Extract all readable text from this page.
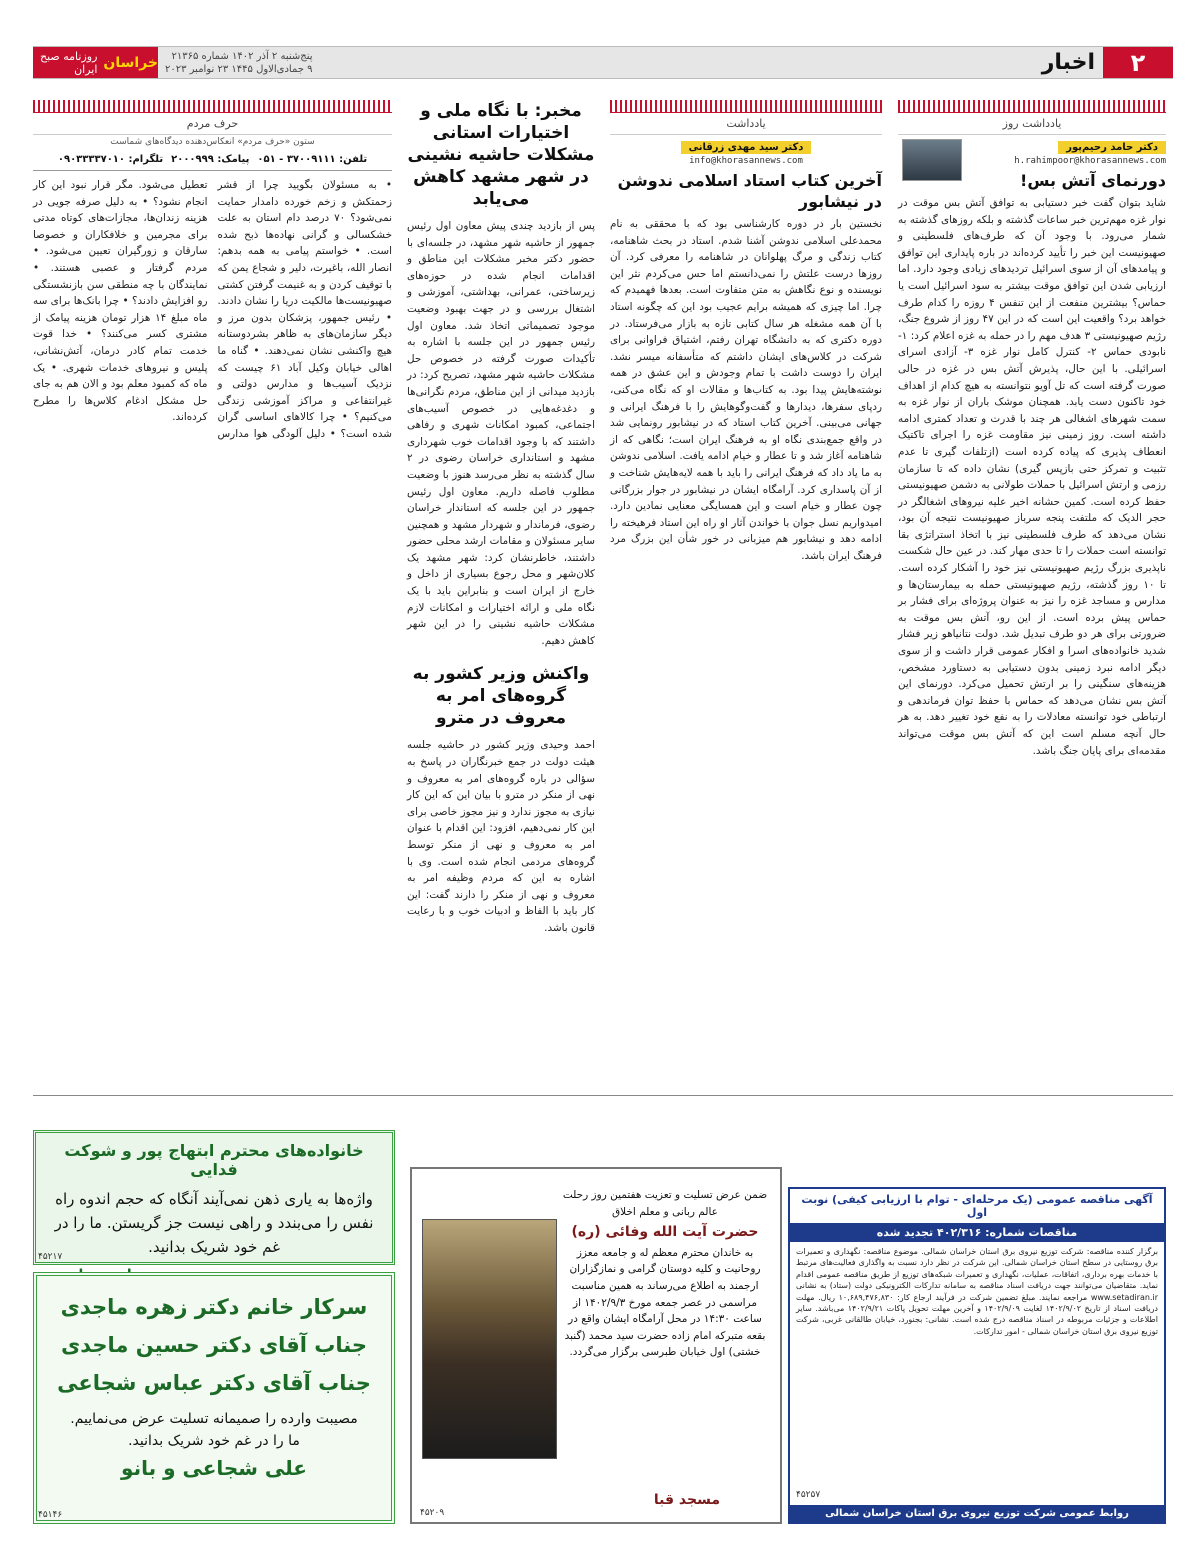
۲
اخبار
خراسان
روزنامه صبح ایران
پنج‌شنبه ۲ آذر ۱۴۰۲ شماره ۲۱۳۶۵
۹ جمادی‌الاول ۱۴۴۵ ۲۳ نوامبر ۲۰۲۳
یادداشت روز
دکتر حامد رحیم‌پور
h.rahimpoor@khorasannews.com
دورنمای آتش بس!

شاید بتوان گفت خبر دستیابی به توافق آتش بس موقت در نوار غزه مهم‌ترین خبر ساعات گذشته و بلکه روزهای گذشته به شمار می‌رود. با وجود آن که طرف‌های فلسطینی و صهیونیست این خبر را تأیید کرده‌اند در باره پایداری این توافق و پیامدهای آن از سوی اسرائیل تردیدهای زیادی وجود دارد. اما ارزیابی شدن این توافق موقت بیشتر به سود اسرائیل است یا حماس؟ بیشترین منفعت از این تنفس ۴ روزه را کدام طرف خواهد برد؟ واقعیت این است که در این ۴۷ روز از شروع جنگ، رژیم صهیونیستی ۳ هدف مهم را در حمله به غزه اعلام کرد: ۱- نابودی حماس ۲- کنترل کامل نوار غزه ۳- آزادی اسرای اسرائیلی. با این حال، پذیرش آتش بس در غزه در حالی صورت گرفته است که تل آویو نتوانسته به هیچ کدام از اهداف خود تاکنون دست یابد. همچنان موشک باران از نوار غزه به سمت شهرهای اشغالی هر چند با قدرت و تعداد کمتری ادامه داشته است. روز زمینی نیز مقاومت غزه را اجرای تاکتیک انعطاف پذیری که پیاده کرده است (ازتلفات گیری تا عدم تثبیت و تمرکز حتی بازپس گیری) نشان داده که تا سازمان رزمی و ارتش اسرائیل با حملات طولانی به دشمن صهیونیستی حفظ کرده است. کمین حشانه اخیر علیه نیروهای اشغالگر در حجر الدیک که ملتفت پنجه سرباز صهیونیست نتیجه آن بود، نشان می‌دهد که طرف فلسطینی نیز با اتخاذ استراتژی بقا توانسته است حملات را تا حدی مهار کند. در عین حال شکست ناپذیری بزرگ رژیم صهیونیستی نیز خود را آشکار کرده است. تا ۱۰ روز گذشته، رژیم صهیونیستی حمله به بیمارستان‌ها و مدارس و مساجد غزه را نیز به عنوان پروژه‌ای برای فشار بر حماس پیش برده است. از این رو، آتش بس موقت به ضرورتی برای هر دو طرف تبدیل شد. دولت نتانیاهو زیر فشار شدید خانواده‌های اسرا و افکار عمومی قرار داشت و از سوی دیگر ادامه نبرد زمینی بدون دستیابی به دستاورد مشخص، هزینه‌های سنگینی را بر ارتش تحمیل می‌کرد. دورنمای این آتش بس نشان می‌دهد که حماس با حفظ توان فرماندهی و ارتباطی خود توانسته معادلات را به نفع خود تغییر دهد. به هر حال آنچه مسلم است این که آتش بس موقت می‌تواند مقدمه‌ای برای پایان جنگ باشد.

یادداشت
دکتر سید مهدی زرقانی
info@khorasannews.com
آخرین کتاب استاد اسلامی ندوشن در نیشابور

نخستین بار در دوره کارشناسی بود که با محققی به نام محمدعلی اسلامی ندوشن آشنا شدم. استاد در بحث شاهنامه، کتاب زندگی و مرگ پهلوانان در شاهنامه را معرفی کرد. آن روزها درست علتش را نمی‌دانستم اما حس می‌کردم نثر این نویسنده و نوع نگاهش به متن متفاوت است. بعدها فهمیدم که چرا. اما چیزی که همیشه برایم عجیب بود این که چگونه استاد با آن همه مشغله هر سال کتابی تازه به بازار می‌فرستاد. در دوره دکتری که به دانشگاه تهران رفتم، اشتیاق فراوانی برای شرکت در کلاس‌های ایشان داشتم که متأسفانه میسر نشد. ایران را دوست داشت با تمام وجودش و این عشق در همه نوشته‌هایش پیدا بود. به کتاب‌ها و مقالات او که نگاه می‌کنی، ردپای سفرها، دیدارها و گفت‌وگوهایش را با فرهنگ ایرانی و جهانی می‌بینی. آخرین کتاب استاد که در نیشابور رونمایی شد در واقع جمع‌بندی نگاه او به فرهنگ ایران است؛ نگاهی که از شاهنامه آغاز شد و تا عطار و خیام ادامه یافت. اسلامی ندوشن به ما یاد داد که فرهنگ ایرانی را باید با همه لایه‌هایش شناخت و از آن پاسداری کرد. آرامگاه ایشان در نیشابور در جوار بزرگانی چون عطار و خیام است و این همسایگی معنایی نمادین دارد. امیدواریم نسل جوان با خواندن آثار او راه این استاد فرهیخته را ادامه دهد و نیشابور هم میزبانی در خور شأن این بزرگ مرد فرهنگ ایران باشد.

مخبر: با نگاه ملی و اختیارات استانی مشکلات حاشیه نشینی در شهر مشهد کاهش می‌یابد

پس از بازدید چندی پیش معاون اول رئیس جمهور از حاشیه شهر مشهد، در جلسه‌ای با حضور دکتر مخبر مشکلات این مناطق و اقدامات انجام شده در حوزه‌های زیرساختی، عمرانی، بهداشتی، آموزشی و اشتغال بررسی و در جهت بهبود وضعیت موجود تصمیماتی اتخاذ شد. معاون اول رئیس جمهور در این جلسه با اشاره به تأکیدات صورت گرفته در خصوص حل مشکلات حاشیه شهر مشهد، تصریح کرد: در بازدید میدانی از این مناطق، مردم نگرانی‌ها و دغدغه‌هایی در خصوص آسیب‌های اجتماعی، کمبود امکانات شهری و رفاهی داشتند که با وجود اقدامات خوب شهرداری مشهد و استانداری خراسان رضوی در ۲ سال گذشته به نظر می‌رسد هنوز با وضعیت مطلوب فاصله داریم. معاون اول رئیس جمهور در این جلسه که استاندار خراسان رضوی، فرماندار و شهردار مشهد و همچنین سایر مسئولان و مقامات ارشد محلی حضور داشتند، خاطرنشان کرد: شهر مشهد یک کلان‌شهر و محل رجوع بسیاری از داخل و خارج از ایران است و بنابراین باید با یک نگاه ملی و ارائه اختیارات و امکانات لازم مشکلات حاشیه نشینی را در این شهر کاهش دهیم.

واکنش وزیر کشور به گروه‌های امر به معروف در مترو

احمد وحیدی وزیر کشور در حاشیه جلسه هیئت دولت در جمع خبرنگاران در پاسخ به سؤالی در باره گروه‌های امر به معروف و نهی از منکر در مترو با بیان این که این کار نیازی به مجوز ندارد و نیز مجوز خاصی برای این کار نمی‌دهیم، افزود: این اقدام با عنوان امر به معروف و نهی از منکر توسط گروه‌های مردمی انجام شده است. وی با اشاره به این که مردم وظیفه امر به معروف و نهی از منکر را دارند گفت: این کار باید با الفاظ و ادبیات خوب و با رعایت قانون باشد.

حرف مردم
ستون «حرف مردم» انعکاس‌دهنده دیدگاه‌های شماست
تلفن: ۳۷۰۰۹۱۱۱ - ۰۵۱
پیامک: ۲۰۰۰۹۹۹
تلگرام: ۰۹۰۳۳۳۳۷۰۱۰

• به مسئولان بگویید چرا از قشر زحمتکش و زخم خورده دامدار حمایت نمی‌شود؟ ۷۰ درصد دام استان به علت خشکسالی و گرانی نهاده‌ها ذبح شده است. • خواستم پیامی به همه بدهم: انصار الله، باغیرت، دلیر و شجاع یمن که با توقیف کردن و به غنیمت گرفتن کشتی صهیونیست‌ها مالکیت دریا را نشان دادند. • رئیس جمهور، پزشکان بدون مرز و دیگر سازمان‌های به ظاهر بشردوستانه هیچ واکنشی نشان نمی‌دهند. • گناه ما اهالی خیابان وکیل آباد ۶۱ چیست که نزدیک آسیب‌ها و مدارس دولتی و غیرانتفاعی و مراکز آموزشی زندگی می‌کنیم؟ • چرا کالاهای اساسی گران شده است؟ • دلیل آلودگی هوا مدارس تعطیل می‌شود. مگر قرار نبود این کار انجام نشود؟ • به دلیل صرفه جویی در هزینه زندان‌ها، مجازات‌های کوتاه مدتی برای مجرمین و خلافکاران و خصوصا سارقان و زورگیران تعیین می‌شود. • مردم گرفتار و عصبی هستند. • نمایندگان با چه منطقی سن بازنشستگی رو افزایش دادند؟ • چرا بانک‌ها برای سه ماه مبلغ ۱۴ هزار تومان هزینه پیامک از مشتری کسر می‌کنند؟ • خدا قوت خدمت تمام کادر درمان، آتش‌نشانی، پلیس و نیروهای خدمات شهری. • یک ماه که کمبود معلم بود و الان هم به جای حل مشکل ادغام کلاس‌ها را مطرح کرده‌اند.

خانواده‌های محترم ابتهاج پور و شوکت فدایی

واژه‌ها به یاری ذهن نمی‌آیند آنگاه که حجم اندوه راه نفس را می‌بندد و راهی نیست جز گریستن. ما را در غم خود شریک بدانید.

۴۵۲۱۷
سرکار خانم دکتر زهره ماجدی
جناب آقای دکتر حسین ماجدی
جناب آقای دکتر عباس شجاعی

مصیبت وارده را صمیمانه تسلیت عرض می‌نماییم.

ما را در غم خود شریک بدانید.

علی شجاعی و بانو
۴۵۱۴۶
ضمن عرض تسلیت و تعزیت هفتمین روز رحلت عالم ربانی و معلم اخلاق
حضرت آیت الله وفائی (ره)
به خاندان محترم معظم له و جامعه معزز روحانیت و کلیه دوستان گرامی و نمازگزاران ارجمند به اطلاع می‌رساند به همین مناسبت مراسمی در عصر جمعه مورخ ۱۴۰۲/۹/۳ از ساعت ۱۴:۳۰ در محل آرامگاه ایشان واقع در بقعه متبرکه امام زاده حضرت سید محمد (گنبد خشتی) اول خیابان طبرسی برگزار می‌گردد.
مسجد قبا
۴۵۲۰۹
آگهی مناقصه عمومی (یک مرحله‌ای - توام با ارزیابی کیفی) نوبت اول
مناقصات شماره: ۴۰۲/۳۱۶ تجدید شده
برگزار کننده مناقصه: شرکت توزیع نیروی برق استان خراسان شمالی. موضوع مناقصه: نگهداری و تعمیرات برق روستایی در سطح استان خراسان شمالی. این شرکت در نظر دارد نسبت به واگذاری فعالیت‌های مرتبط با خدمات بهره برداری، اتفاقات، عملیات، نگهداری و تعمیرات شبکه‌های توزیع از طریق مناقصه عمومی اقدام نماید. متقاضیان می‌توانند جهت دریافت اسناد مناقصه به سامانه تدارکات الکترونیکی دولت (ستاد) به نشانی www.setadiran.ir مراجعه نمایند. مبلغ تضمین شرکت در فرآیند ارجاع کار: ۱۰,۶۸۹,۴۷۶,۸۳۰ ریال. مهلت دریافت اسناد از تاریخ ۱۴۰۲/۹/۰۲ لغایت ۱۴۰۲/۹/۰۹ و آخرین مهلت تحویل پاکات ۱۴۰۲/۹/۲۱ می‌باشد. سایر اطلاعات و جزئیات مربوطه در اسناد مناقصه درج شده است. نشانی: بجنورد، خیابان طالقانی غربی، شرکت توزیع نیروی برق استان خراسان شمالی - امور تدارکات.
روابط عمومی شرکت توزیع نیروی برق استان خراسان شمالی
۴۵۲۵۷
